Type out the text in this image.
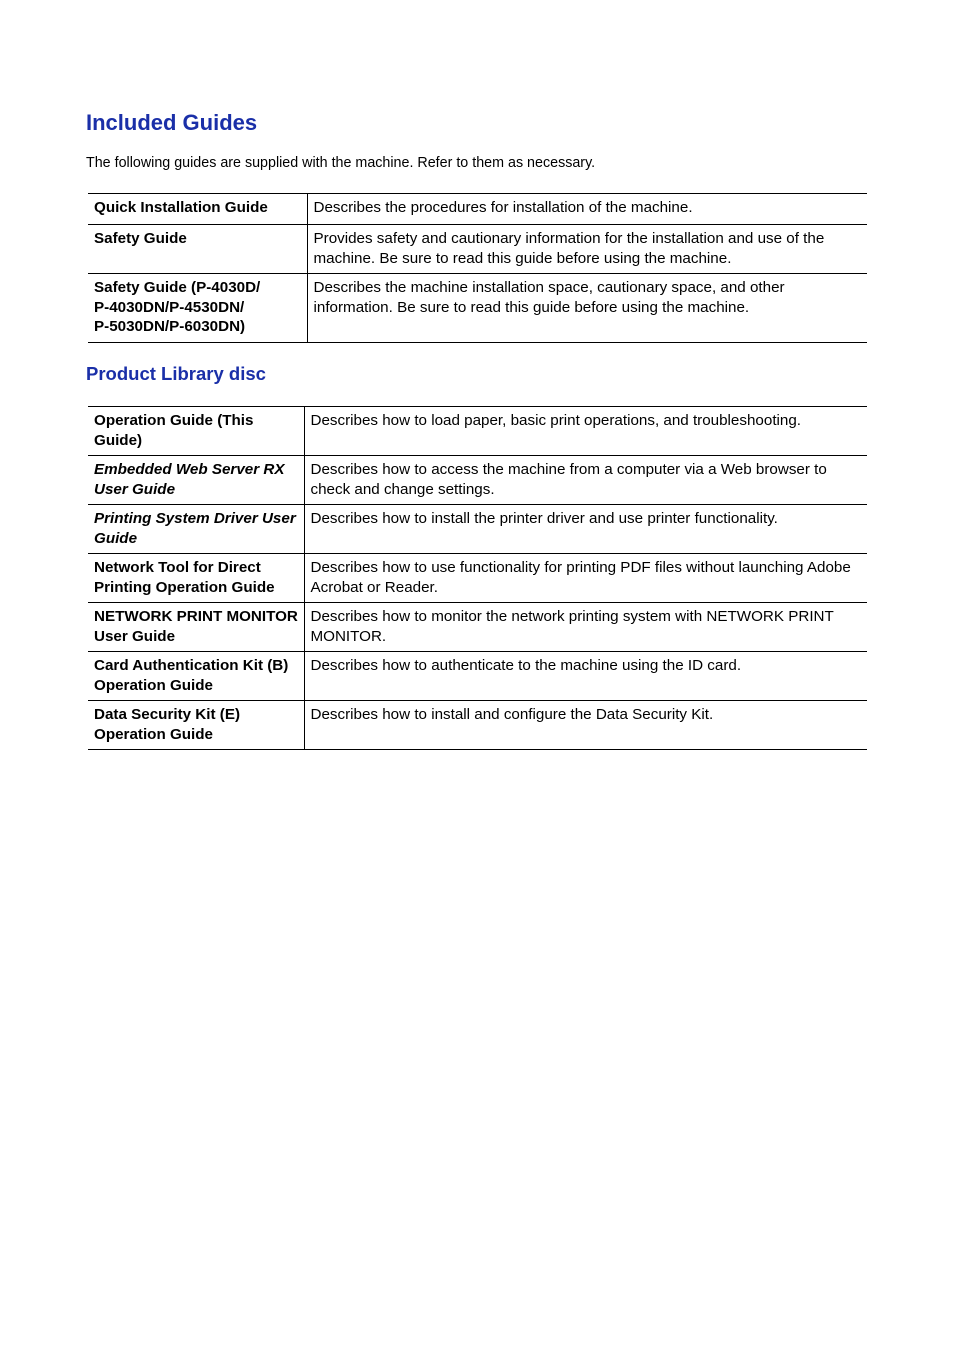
Included Guides

The following guides are supplied with the machine. Refer to them as necessary.

Quick Installation Guide	Describes the procedures for installation of the machine.
Safety Guide	Provides safety and cautionary information for the installation and use of the machine. Be sure to read this guide before using the machine.
Safety Guide (P-4030D/
P-4030DN/P-4530DN/
P-5030DN/P-6030DN)	Describes the machine installation space, cautionary space, and other information. Be sure to read this guide before using the machine.
Product Library disc
Operation Guide (This Guide)	Describes how to load paper, basic print operations, and troubleshooting.
Embedded Web Server RX User Guide	Describes how to access the machine from a computer via a Web browser to check and change settings.
Printing System Driver User Guide	Describes how to install the printer driver and use printer functionality.
Network Tool for Direct Printing Operation Guide	Describes how to use functionality for printing PDF files without launching Adobe Acrobat or Reader.
NETWORK PRINT MONITOR User Guide	Describes how to monitor the network printing system with NETWORK PRINT MONITOR.
Card Authentication Kit (B) Operation Guide	Describes how to authenticate to the machine using the ID card.
Data Security Kit (E) Operation Guide	Describes how to install and configure the Data Security Kit.
